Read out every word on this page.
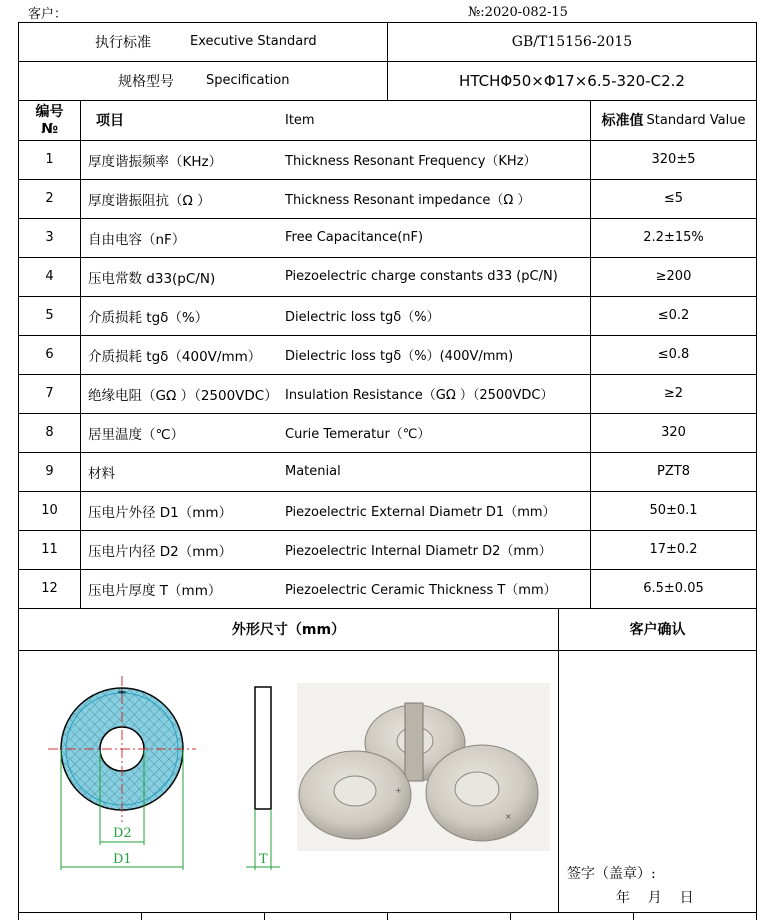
客户：	№:2020-082-15
执行标准	Executive Standard	GB/T15156-2015
规格型号 Specification	HTCHΦ50×Φ17×6.5-320-C2.2
编号
№	项目	Item	标准值 Standard Value
1	厚度谐振频率（KHz）	Thickness Resonant Frequency（KHz）	320±5
2	厚度谐振阻抗（Ω ）	Thickness Resonant impedance（Ω ）	≤5
3	自由电容（nF）	Free Capacitance(nF)	2.2±15%
4	压电常数 d33(pC/N)	Piezoelectric charge constants d33 (pC/N)	≥200
5	介质损耗 tgδ（%）	Dielectric loss tgδ（%）	≤0.2
6	介质损耗 tgδ（400V/mm） Dielectric loss tgδ（%）(400V/mm)	≤0.8
7	绝缘电阻（GΩ ）（2500VDC） Insulation Resistance（GΩ ）（2500VDC）	≥2
8	居里温度（℃）	Curie Temeratur（℃）	320
9	材料	Matenial	PZT8
10	压电片外径 D1（mm）	Piezoelectric External Diametr D1（mm）	50±0.1
11	压电片内径 D2（mm）	Piezoelectric Internal Diametr D2（mm）	17±0.2
12	压电片厚度 T（mm）	Piezoelectric Ceramic Thickness T（mm）	6.5±0.05
外形尺寸（mm）	客户确认
D2
D1	T
+
×
签字（盖章）:
年    月    日
